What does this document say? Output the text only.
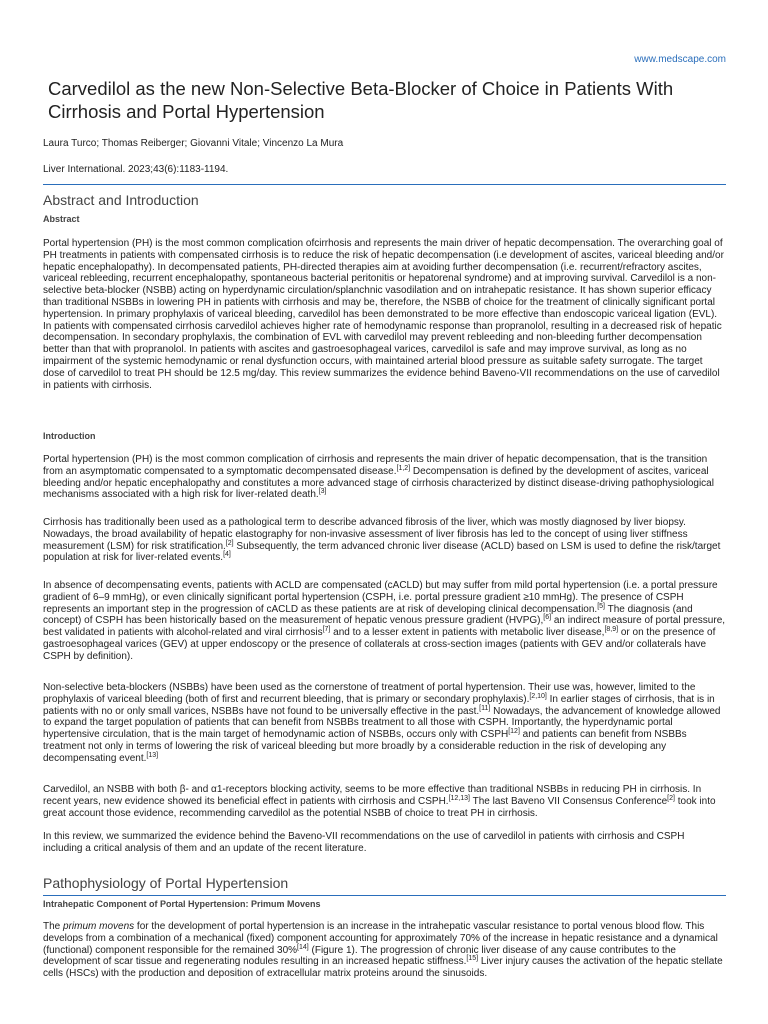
www.medscape.com
Carvedilol as the new Non-Selective Beta-Blocker of Choice in Patients With Cirrhosis and Portal Hypertension
Laura Turco; Thomas Reiberger; Giovanni Vitale; Vincenzo La Mura
Liver International. 2023;43(6):1183-1194.
Abstract and Introduction
Abstract

Portal hypertension (PH) is the most common complication ofcirrhosis and represents the main driver of hepatic decompensation. The overarching goal of PH treatments in patients with compensated cirrhosis is to reduce the risk of hepatic decompensation (i.e development of ascites, variceal bleeding and/or hepatic encephalopathy). In decompensated patients, PH-directed therapies aim at avoiding further decompensation (i.e. recurrent/refractory ascites, variceal rebleeding, recurrent encephalopathy, spontaneous bacterial peritonitis or hepatorenal syndrome) and at improving survival. Carvedilol is a non-selective beta-blocker (NSBB) acting on hyperdynamic circulation/splanchnic vasodilation and on intrahepatic resistance. It has shown superior efficacy than traditional NSBBs in lowering PH in patients with cirrhosis and may be, therefore, the NSBB of choice for the treatment of clinically significant portal hypertension. In primary prophylaxis of variceal bleeding, carvedilol has been demonstrated to be more effective than endoscopic variceal ligation (EVL). In patients with compensated cirrhosis carvedilol achieves higher rate of hemodynamic response than propranolol, resulting in a decreased risk of hepatic decompensation. In secondary prophylaxis, the combination of EVL with carvedilol may prevent rebleeding and non-bleeding further decompensation better than that with propranolol. In patients with ascites and gastroesophageal varices, carvedilol is safe and may improve survival, as long as no impairment of the systemic hemodynamic or renal dysfunction occurs, with maintained arterial blood pressure as suitable safety surrogate. The target dose of carvedilol to treat PH should be 12.5 mg/day. This review summarizes the evidence behind Baveno-VII recommendations on the use of carvedilol in patients with cirrhosis.

Introduction

Portal hypertension (PH) is the most common complication of cirrhosis and represents the main driver of hepatic decompensation, that is the transition from an asymptomatic compensated to a symptomatic decompensated disease.[1,2] Decompensation is defined by the development of ascites, variceal bleeding and/or hepatic encephalopathy and constitutes a more advanced stage of cirrhosis characterized by distinct disease-driving pathophysiological mechanisms associated with a high risk for liver-related death.[3]

Cirrhosis has traditionally been used as a pathological term to describe advanced fibrosis of the liver, which was mostly diagnosed by liver biopsy. Nowadays, the broad availability of hepatic elastography for non-invasive assessment of liver fibrosis has led to the concept of using liver stiffness measurement (LSM) for risk stratification.[2] Subsequently, the term advanced chronic liver disease (ACLD) based on LSM is used to define the risk/target population at risk for liver-related events.[4]

In absence of decompensating events, patients with ACLD are compensated (cACLD) but may suffer from mild portal hypertension (i.e. a portal pressure gradient of 6–9 mmHg), or even clinically significant portal hypertension (CSPH, i.e. portal pressure gradient ≥10 mmHg). The presence of CSPH represents an important step in the progression of cACLD as these patients are at risk of developing clinical decompensation.[5] The diagnosis (and concept) of CSPH has been historically based on the measurement of hepatic venous pressure gradient (HVPG),[6] an indirect measure of portal pressure, best validated in patients with alcohol-related and viral cirrhosis[7] and to a lesser extent in patients with metabolic liver disease,[8,9] or on the presence of gastroesophageal varices (GEV) at upper endoscopy or the presence of collaterals at cross-section images (patients with GEV and/or collaterals have CSPH by definition).

Non-selective beta-blockers (NSBBs) have been used as the cornerstone of treatment of portal hypertension. Their use was, however, limited to the prophylaxis of variceal bleeding (both of first and recurrent bleeding, that is primary or secondary prophylaxis).[2,10] In earlier stages of cirrhosis, that is in patients with no or only small varices, NSBBs have not found to be universally effective in the past.[11] Nowadays, the advancement of knowledge allowed to expand the target population of patients that can benefit from NSBBs treatment to all those with CSPH. Importantly, the hyperdynamic portal hypertensive circulation, that is the main target of hemodynamic action of NSBBs, occurs only with CSPH[12] and patients can benefit from NSBBs treatment not only in terms of lowering the risk of variceal bleeding but more broadly by a considerable reduction in the risk of developing any decompensating event.[13]

Carvedilol, an NSBB with both β- and α1-receptors blocking activity, seems to be more effective than traditional NSBBs in reducing PH in cirrhosis. In recent years, new evidence showed its beneficial effect in patients with cirrhosis and CSPH.[12,13] The last Baveno VII Consensus Conference[2] took into great account those evidence, recommending carvedilol as the potential NSBB of choice to treat PH in cirrhosis.

In this review, we summarized the evidence behind the Baveno-VII recommendations on the use of carvedilol in patients with cirrhosis and CSPH including a critical analysis of them and an update of the recent literature.

Pathophysiology of Portal Hypertension
Intrahepatic Component of Portal Hypertension: Primum Movens

The primum movens for the development of portal hypertension is an increase in the intrahepatic vascular resistance to portal venous blood flow. This develops from a combination of a mechanical (fixed) component accounting for approximately 70% of the increase in hepatic resistance and a dynamical (functional) component responsible for the remained 30%[14] (Figure 1). The progression of chronic liver disease of any cause contributes to the development of scar tissue and regenerating nodules resulting in an increased hepatic stiffness.[15] Liver injury causes the activation of the hepatic stellate cells (HSCs) with the production and deposition of extracellular matrix proteins around the sinusoids.
